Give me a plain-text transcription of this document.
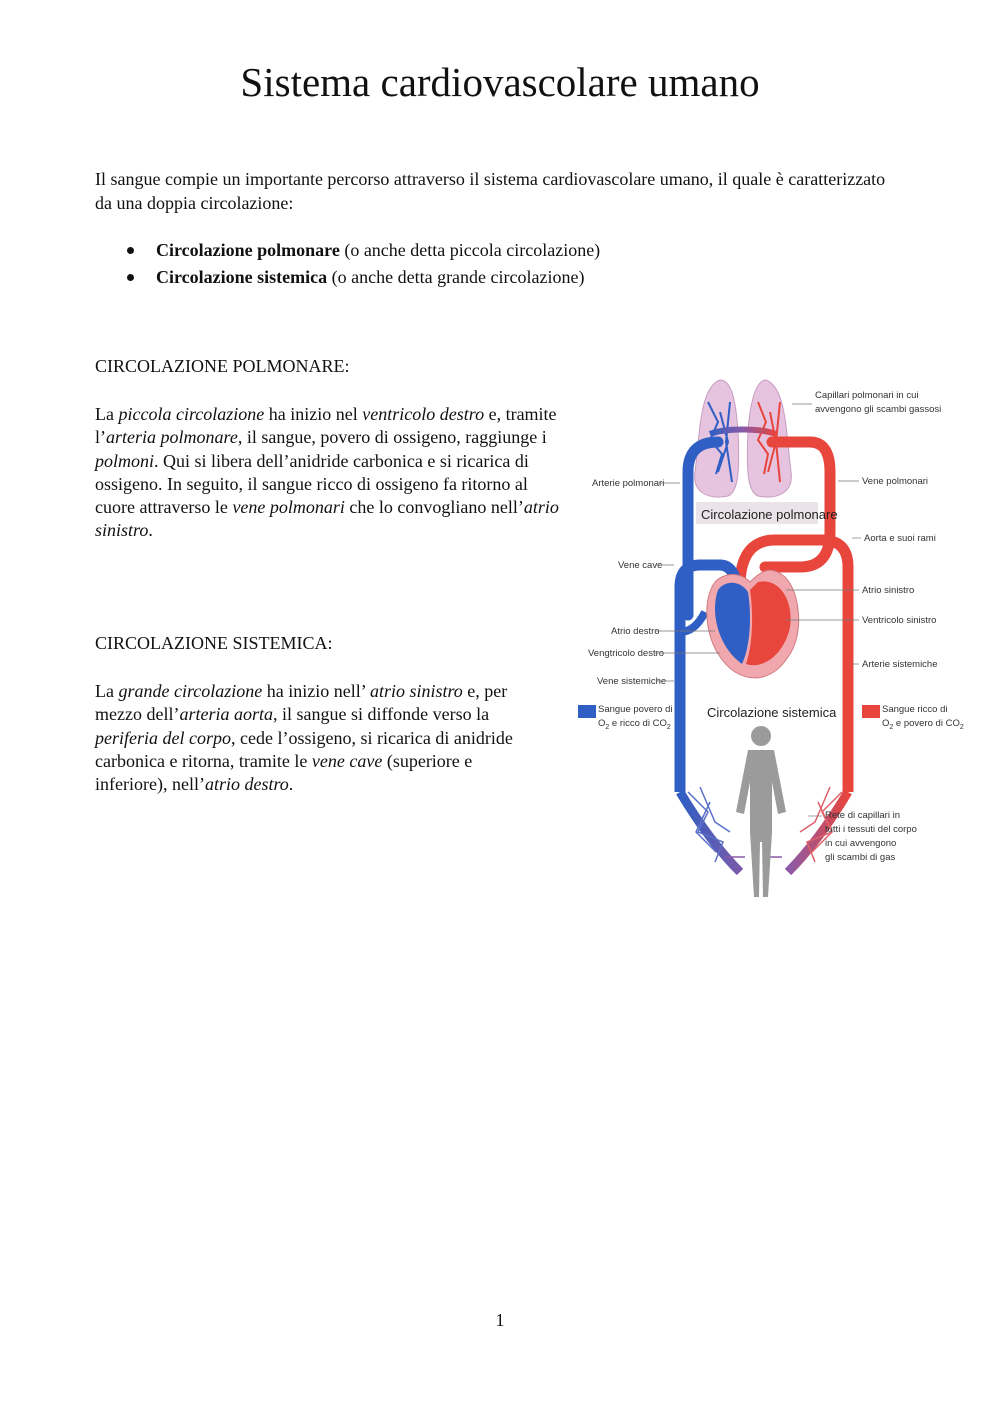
Sistema cardiovascolare umano

Il sangue compie un importante percorso attraverso il sistema cardiovascolare umano, il quale è caratterizzato da una doppia circolazione:

Circolazione polmonare (o anche detta piccola circolazione)
Circolazione sistemica (o anche detta grande circolazione)
CIRCOLAZIONE POLMONARE:

La piccola circolazione ha inizio nel ventricolo destro e, tramite l’arteria polmonare, il sangue, povero di ossigeno, raggiunge i polmoni. Qui si libera dell’anidride carbonica e si ricarica di ossigeno. In seguito, il sangue ricco di ossigeno fa ritorno al cuore attraverso le vene polmonari che lo convogliano nell’atrio sinistro.

CIRCOLAZIONE SISTEMICA:

La grande circolazione ha inizio nell’ atrio sinistro e, per mezzo dell’arteria aorta, il sangue si diffonde verso la periferia del corpo, cede l’ossigeno, si ricarica di anidride carbonica e ritorna, tramite le vene cave (superiore e inferiore), nell’atrio destro.

Circolazione polmonare
Circolazione sistemica
Capillari polmonari in cui
avvengono gli scambi gassosi
Arterie polmonari	Vene polmonari
Aorta e suoi rami
Vene cave
Atrio sinistro
Ventricolo sinistro
Atrio destro
Vengtricolo destro
Arterie sistemiche
Vene sistemiche
Sangue povero di
$O_2$ e ricco di $CO_2$
Sangue ricco di
$O_2$ e povero di $CO_2$
Rete di capillari in
tutti i tessuti del corpo
in cui avvengono
gli scambi di gas
1
